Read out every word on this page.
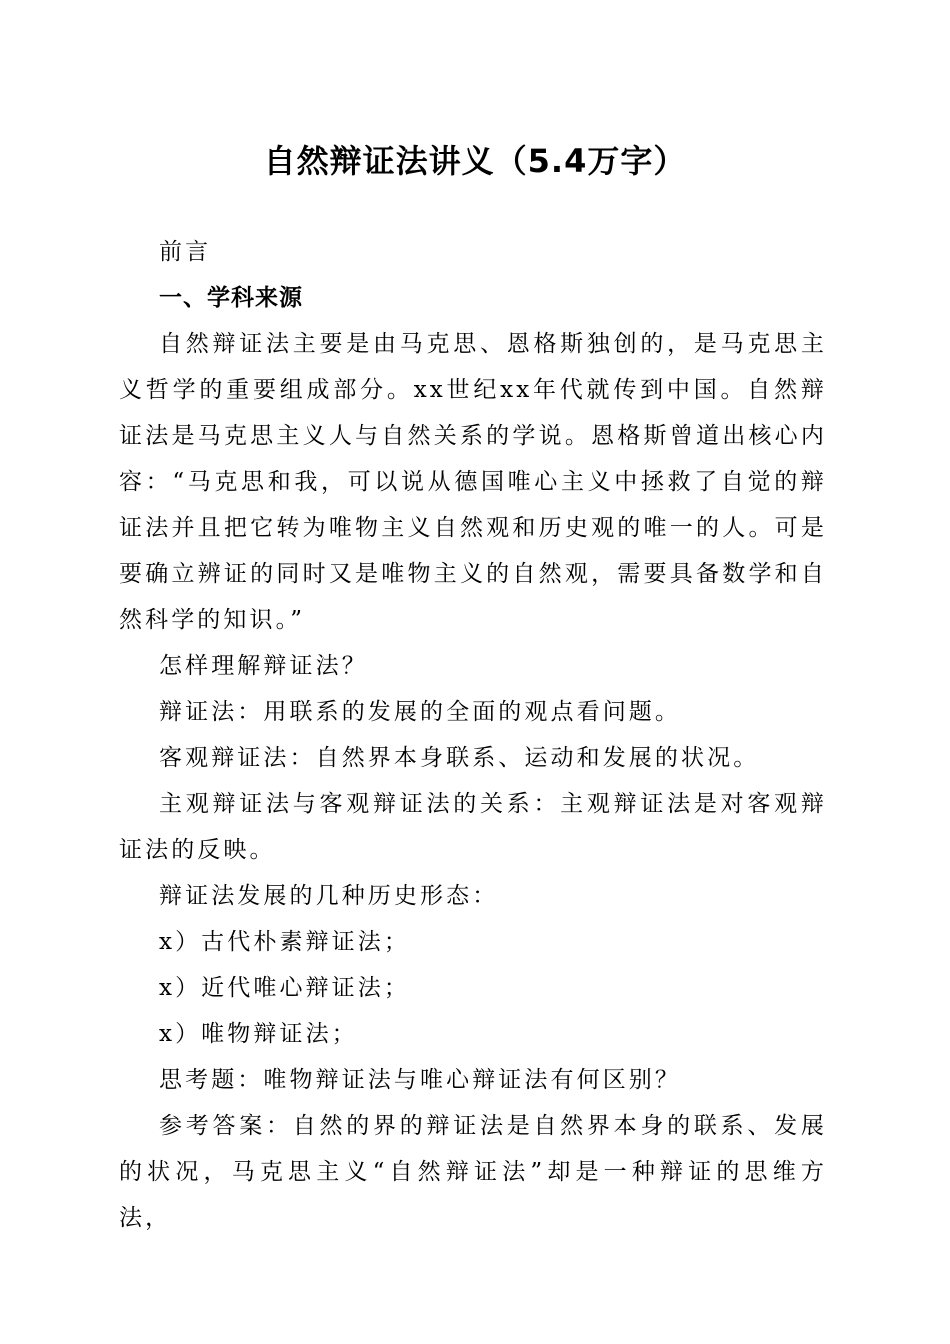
自然辩证法讲义（5.4万字）

前言

一、学科来源

自然辩证法主要是由马克思、恩格斯独创的，是马克思主义哲学的重要组成部分。xx世纪xx年代就传到中国。自然辩证法是马克思主义人与自然关系的学说。恩格斯曾道出核心内容：“马克思和我，可以说从德国唯心主义中拯救了自觉的辩证法并且把它转为唯物主义自然观和历史观的唯一的人。可是要确立辨证的同时又是唯物主义的自然观，需要具备数学和自然科学的知识。”

怎样理解辩证法？

辩证法：用联系的发展的全面的观点看问题。

客观辩证法：自然界本身联系、运动和发展的状况。

主观辩证法与客观辩证法的关系：主观辩证法是对客观辩证法的反映。

辩证法发展的几种历史形态：

x）古代朴素辩证法；

x）近代唯心辩证法；

x）唯物辩证法；

思考题：唯物辩证法与唯心辩证法有何区别？

参考答案：自然的界的辩证法是自然界本身的联系、发展的状况，马克思主义“自然辩证法”却是一种辩证的思维方法，
